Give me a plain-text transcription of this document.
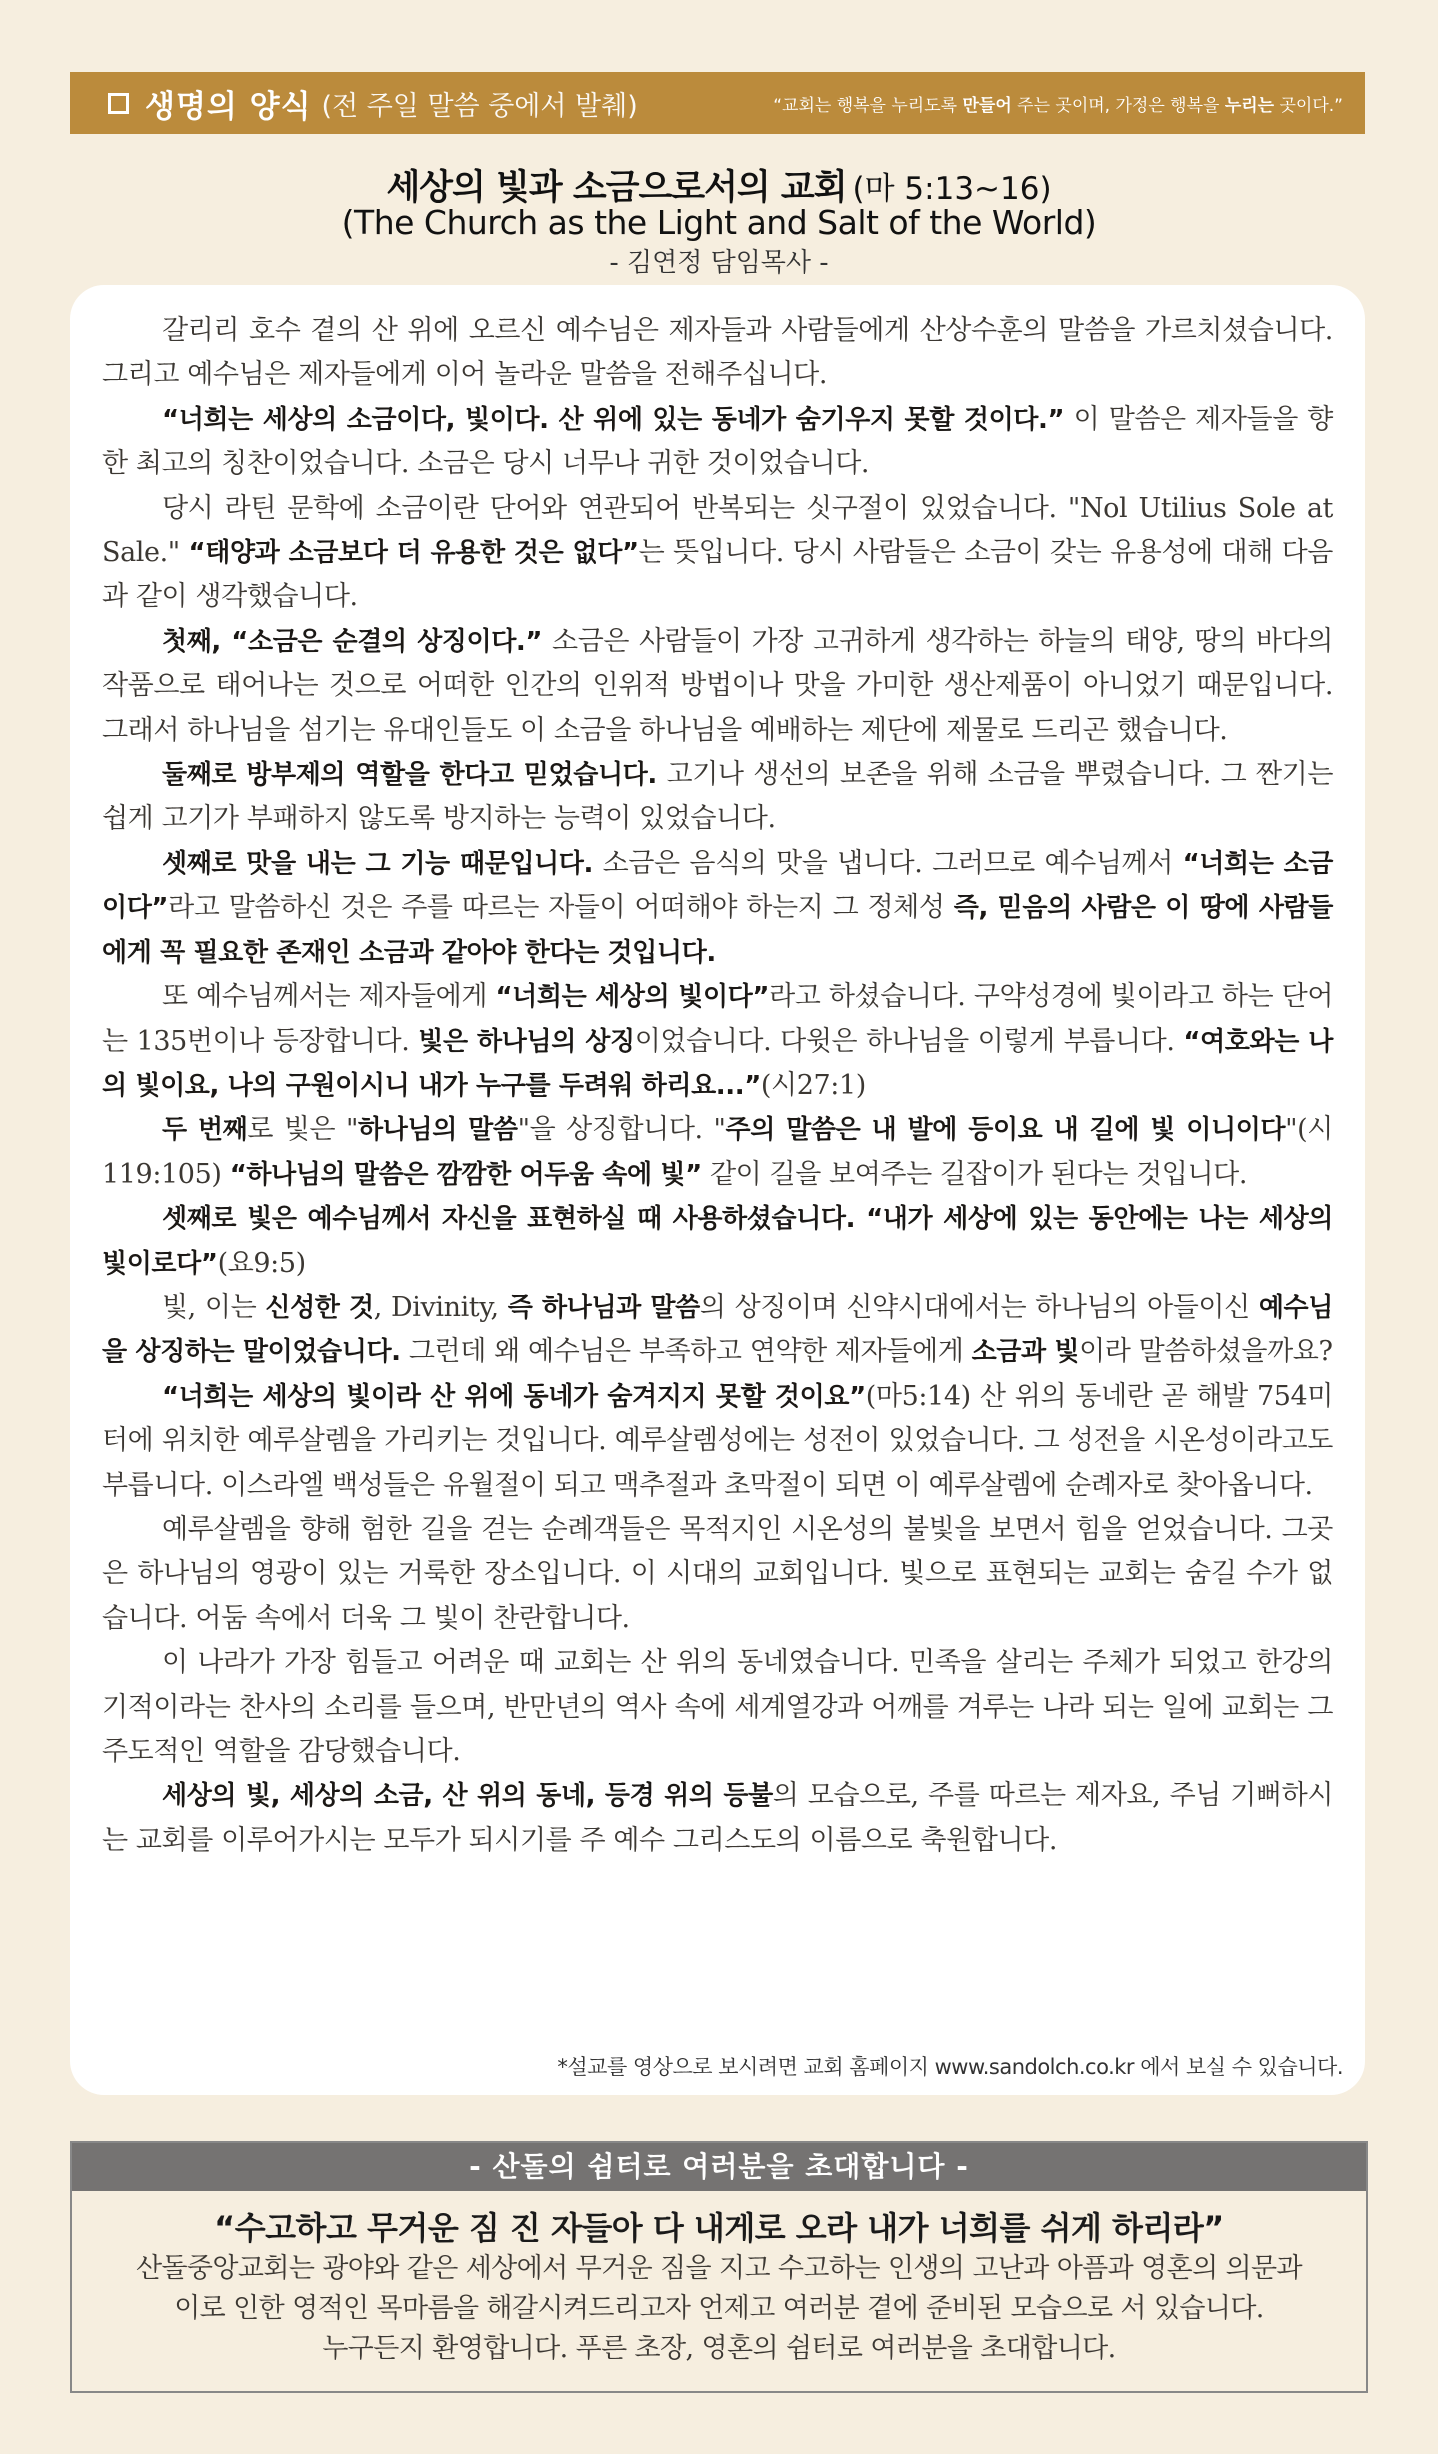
생명의 양식 (전 주일 말씀 중에서 발췌)	“교회는 행복을 누리도록 만들어 주는 곳이며, 가정은 행복을 누리는 곳이다.”
세상의 빛과 소금으로서의 교회 (마 5:13~16)
(The Church as the Light and Salt of the World)
- 김연정 담임목사 -

갈리리 호수 곁의 산 위에 오르신 예수님은 제자들과 사람들에게 산상수훈의 말씀을 가르치셨습니다. 그리고 예수님은 제자들에게 이어 놀라운 말씀을 전해주십니다.

“너희는 세상의 소금이다, 빛이다. 산 위에 있는 동네가 숨기우지 못할 것이다.” 이 말씀은 제자들을 향한 최고의 칭찬이었습니다. 소금은 당시 너무나 귀한 것이었습니다.

당시 라틴 문학에 소금이란 단어와 연관되어 반복되는 싯구절이 있었습니다. "Nol Utilius Sole at Sale." “태양과 소금보다 더 유용한 것은 없다”는 뜻입니다. 당시 사람들은 소금이 갖는 유용성에 대해 다음과 같이 생각했습니다.

첫째, “소금은 순결의 상징이다.” 소금은 사람들이 가장 고귀하게 생각하는 하늘의 태양, 땅의 바다의 작품으로 태어나는 것으로 어떠한 인간의 인위적 방법이나 맛을 가미한 생산제품이 아니었기 때문입니다. 그래서 하나님을 섬기는 유대인들도 이 소금을 하나님을 예배하는 제단에 제물로 드리곤 했습니다.

둘째로 방부제의 역할을 한다고 믿었습니다. 고기나 생선의 보존을 위해 소금을 뿌렸습니다. 그 짠기는 쉽게 고기가 부패하지 않도록 방지하는 능력이 있었습니다.

셋째로 맛을 내는 그 기능 때문입니다. 소금은 음식의 맛을 냅니다. 그러므로 예수님께서 “너희는 소금이다”라고 말씀하신 것은 주를 따르는 자들이 어떠해야 하는지 그 정체성 즉, 믿음의 사람은 이 땅에 사람들에게 꼭 필요한 존재인 소금과 같아야 한다는 것입니다.

또 예수님께서는 제자들에게 “너희는 세상의 빛이다”라고 하셨습니다. 구약성경에 빛이라고 하는 단어는 135번이나 등장합니다. 빛은 하나님의 상징이었습니다. 다윗은 하나님을 이렇게 부릅니다. “여호와는 나의 빛이요, 나의 구원이시니 내가 누구를 두려워 하리요...”(시27:1)

두 번째로 빛은 "하나님의 말씀"을 상징합니다. "주의 말씀은 내 발에 등이요 내 길에 빛 이니이다"(시119:105) “하나님의 말씀은 깜깜한 어두움 속에 빛” 같이 길을 보여주는 길잡이가 된다는 것입니다.

셋째로 빛은 예수님께서 자신을 표현하실 때 사용하셨습니다. “내가 세상에 있는 동안에는 나는 세상의 빛이로다”(요9:5)

빛, 이는 신성한 것, Divinity, 즉 하나님과 말씀의 상징이며 신약시대에서는 하나님의 아들이신 예수님을 상징하는 말이었습니다. 그런데 왜 예수님은 부족하고 연약한 제자들에게 소금과 빛이라 말씀하셨을까요?

“너희는 세상의 빛이라 산 위에 동네가 숨겨지지 못할 것이요”(마5:14) 산 위의 동네란 곧 해발 754미터에 위치한 예루살렘을 가리키는 것입니다. 예루살렘성에는 성전이 있었습니다. 그 성전을 시온성이라고도 부릅니다. 이스라엘 백성들은 유월절이 되고 맥추절과 초막절이 되면 이 예루살렘에 순례자로 찾아옵니다.

예루살렘을 향해 험한 길을 걷는 순례객들은 목적지인 시온성의 불빛을 보면서 힘을 얻었습니다. 그곳은 하나님의 영광이 있는 거룩한 장소입니다. 이 시대의 교회입니다. 빛으로 표현되는 교회는 숨길 수가 없습니다. 어둠 속에서 더욱 그 빛이 찬란합니다.

이 나라가 가장 힘들고 어려운 때 교회는 산 위의 동네였습니다. 민족을 살리는 주체가 되었고 한강의 기적이라는 찬사의 소리를 들으며, 반만년의 역사 속에 세계열강과 어깨를 겨루는 나라 되는 일에 교회는 그 주도적인 역할을 감당했습니다.

세상의 빛, 세상의 소금, 산 위의 동네, 등경 위의 등불의 모습으로, 주를 따르는 제자요, 주님 기뻐하시는 교회를 이루어가시는 모두가 되시기를 주 예수 그리스도의 이름으로 축원합니다.

*설교를 영상으로 보시려면 교회 홈페이지 www.sandolch.co.kr 에서 보실 수 있습니다.
- 산돌의 쉼터로 여러분을 초대합니다 -
“수고하고 무거운 짐 진 자들아 다 내게로 오라 내가 너희를 쉬게 하리라”
산돌중앙교회는 광야와 같은 세상에서 무거운 짐을 지고 수고하는 인생의 고난과 아픔과 영혼의 의문과
이로 인한 영적인 목마름을 해갈시켜드리고자 언제고 여러분 곁에 준비된 모습으로 서 있습니다.
누구든지 환영합니다. 푸른 초장, 영혼의 쉼터로 여러분을 초대합니다.
